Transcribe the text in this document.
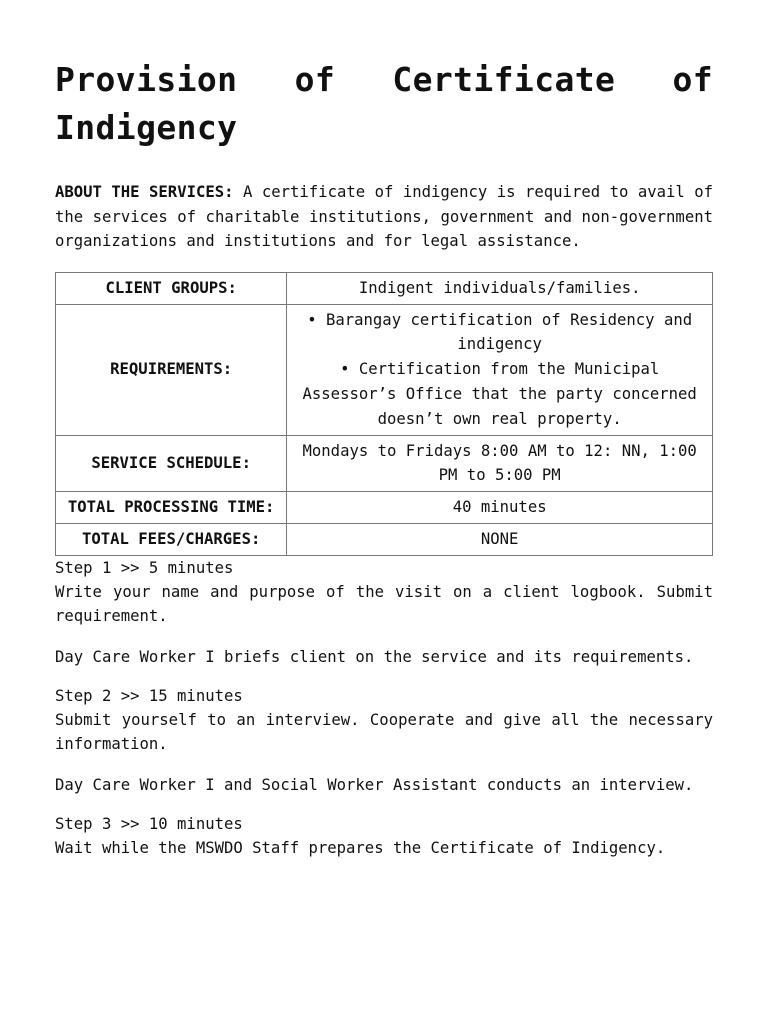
Provision of Certificate of Indigency

ABOUT THE SERVICES: A certificate of indigency is required to avail of the services of charitable institutions, government and non-government organizations and institutions and for legal assistance.

CLIENT GROUPS:	Indigent individuals/families.
REQUIREMENTS:	• Barangay certification of Residency and indigency
• Certification from the Municipal Assessor’s Office that the party concerned doesn’t own real property.

SERVICE SCHEDULE:	Mondays to Fridays 8:00 AM to 12: NN, 1:00 PM to 5:00 PM
TOTAL PROCESSING TIME:	40 minutes
TOTAL FEES/CHARGES:	NONE
Step 1 >> 5 minutes
Write your name and purpose of the visit on a client logbook. Submit requirement.
Day Care Worker I briefs client on the service and its requirements.
Step 2 >> 15 minutes
Submit yourself to an interview. Cooperate and give all the necessary information.
Day Care Worker I and Social Worker Assistant conducts an interview.
Step 3 >> 10 minutes
Wait while the MSWDO Staff prepares the Certificate of Indigency.
